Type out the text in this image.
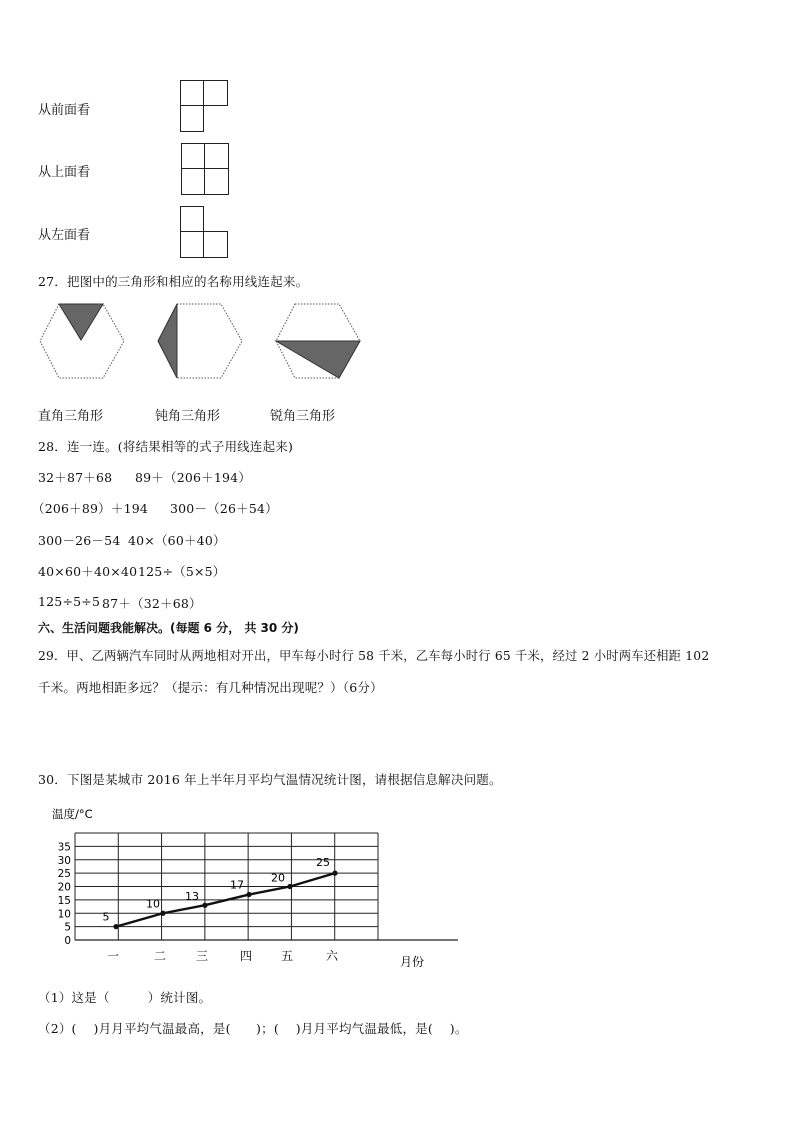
从前面看
从上面看
从左面看
27．把图中的三角形和相应的名称用线连起来。
直角三角形	钝角三角形	锐角三角形
28．连一连。(将结果相等的式子用线连起来)
32＋87＋68 89＋（206＋194）
（206＋89）＋194 300－（26＋54）
300－26－54 40×（60＋40）
40×60＋40×40 125÷（5×5）
125÷5÷5 87＋（32＋68）
六、生活问题我能解决。(每题 6 分， 共 30 分)
29．甲、乙两辆汽车同时从两地相对开出，甲车每小时行 58 千米，乙车每小时行 65 千米，经过 2 小时两车还相距 102
千米。两地相距多远？（提示：有几种情况出现呢？）（6分）
30．下图是某城市 2016 年上半年月平均气温情况统计图，请根据信息解决问题。
温度/°C
月份
0
5
10
15
20
25
30
35
一	二 三	四 五	六
5
10
13
17
20
25
（1）这是（　　　）统计图。
（2）(　 )月月平均气温最高，是(　　)；(　 )月月平均气温最低，是(　 )。
